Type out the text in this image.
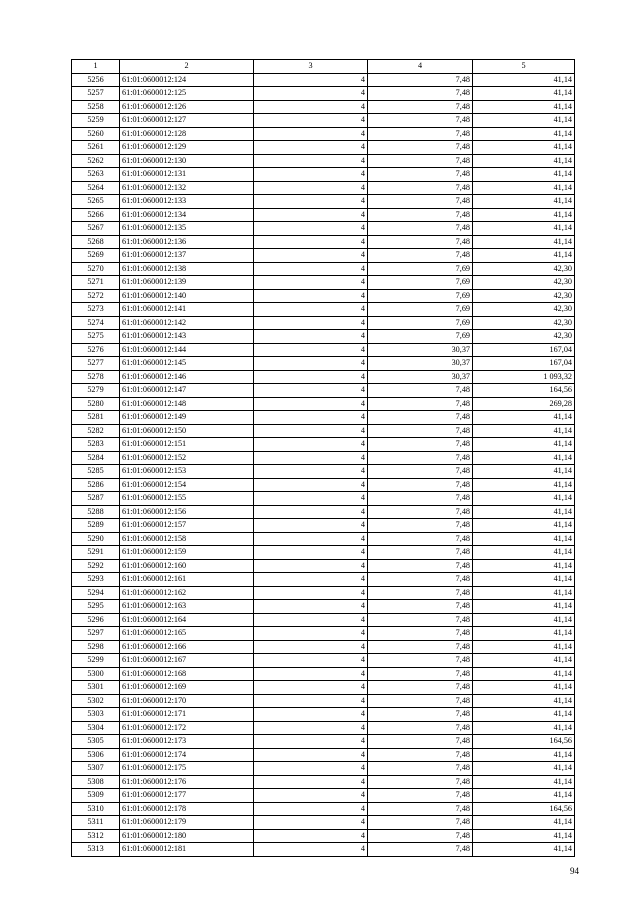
1	2	3	4	5
5256	61:01:0600012:124	4	7,48	41,14
5257	61:01:0600012:125	4	7,48	41,14
5258	61:01:0600012:126	4	7,48	41,14
5259	61:01:0600012:127	4	7,48	41,14
5260	61:01:0600012:128	4	7,48	41,14
5261	61:01:0600012:129	4	7,48	41,14
5262	61:01:0600012:130	4	7,48	41,14
5263	61:01:0600012:131	4	7,48	41,14
5264	61:01:0600012:132	4	7,48	41,14
5265	61:01:0600012:133	4	7,48	41,14
5266	61:01:0600012:134	4	7,48	41,14
5267	61:01:0600012:135	4	7,48	41,14
5268	61:01:0600012:136	4	7,48	41,14
5269	61:01:0600012:137	4	7,48	41,14
5270	61:01:0600012:138	4	7,69	42,30
5271	61:01:0600012:139	4	7,69	42,30
5272	61:01:0600012:140	4	7,69	42,30
5273	61:01:0600012:141	4	7,69	42,30
5274	61:01:0600012:142	4	7,69	42,30
5275	61:01:0600012:143	4	7,69	42,30
5276	61:01:0600012:144	4	30,37	167,04
5277	61:01:0600012:145	4	30,37	167,04
5278	61:01:0600012:146	4	30,37	1 093,32
5279	61:01:0600012:147	4	7,48	164,56
5280	61:01:0600012:148	4	7,48	269,28
5281	61:01:0600012:149	4	7,48	41,14
5282	61:01:0600012:150	4	7,48	41,14
5283	61:01:0600012:151	4	7,48	41,14
5284	61:01:0600012:152	4	7,48	41,14
5285	61:01:0600012:153	4	7,48	41,14
5286	61:01:0600012:154	4	7,48	41,14
5287	61:01:0600012:155	4	7,48	41,14
5288	61:01:0600012:156	4	7,48	41,14
5289	61:01:0600012:157	4	7,48	41,14
5290	61:01:0600012:158	4	7,48	41,14
5291	61:01:0600012:159	4	7,48	41,14
5292	61:01:0600012:160	4	7,48	41,14
5293	61:01:0600012:161	4	7,48	41,14
5294	61:01:0600012:162	4	7,48	41,14
5295	61:01:0600012:163	4	7,48	41,14
5296	61:01:0600012:164	4	7,48	41,14
5297	61:01:0600012:165	4	7,48	41,14
5298	61:01:0600012:166	4	7,48	41,14
5299	61:01:0600012:167	4	7,48	41,14
5300	61:01:0600012:168	4	7,48	41,14
5301	61:01:0600012:169	4	7,48	41,14
5302	61:01:0600012:170	4	7,48	41,14
5303	61:01:0600012:171	4	7,48	41,14
5304	61:01:0600012:172	4	7,48	41,14
5305	61:01:0600012:173	4	7,48	164,56
5306	61:01:0600012:174	4	7,48	41,14
5307	61:01:0600012:175	4	7,48	41,14
5308	61:01:0600012:176	4	7,48	41,14
5309	61:01:0600012:177	4	7,48	41,14
5310	61:01:0600012:178	4	7,48	164,56
5311	61:01:0600012:179	4	7,48	41,14
5312	61:01:0600012:180	4	7,48	41,14
5313	61:01:0600012:181	4	7,48	41,14
94
